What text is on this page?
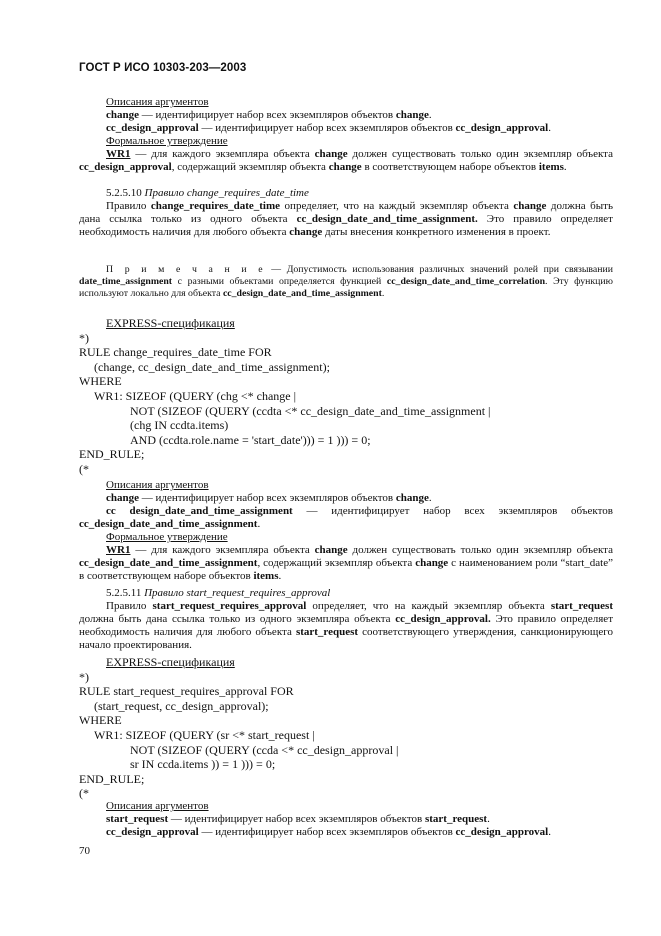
ГОСТ Р ИСО 10303-203—2003

Описания аргументов

change — идентифицирует набор всех экземпляров объектов change.

cc_design_approval — идентифицирует набор всех экземпляров объектов cc_design_approval.

Формальное утверждение

WR1 — для каждого экземпляра объекта change должен существовать только один экземпляр объекта cc_design_approval, содержащий экземпляр объекта change в соответствующем наборе объектов items.

5.2.5.10 Правило change_requires_date_time

Правило change_requires_date_time определяет, что на каждый экземпляр объекта change должна быть дана ссылка только из одного объекта cc_design_date_and_time_assignment. Это правило определяет необходимость наличия для любого объекта change даты внесения конкретного изменения в проект.

П р и м е ч а н и е — Допустимость использования различных значений ролей при связывании date_time_assignment с разными объектами определяется функцией cc_design_date_and_time_correlation. Эту функцию используют локально для объекта cc_design_date_and_time_assignment.

EXPRESS-спецификация

*)
RULE change_requires_date_time FOR
(change, cc_design_date_and_time_assignment);
WHERE
WR1: SIZEOF (QUERY (chg <* change |
NOT (SIZEOF (QUERY (ccdta <* cc_design_date_and_time_assignment |
(chg IN ccdta.items)
AND (ccdta.role.name = 'start_date'))) = 1 ))) = 0;
END_RULE;
(*

Описания аргументов

change — идентифицирует набор всех экземпляров объектов change.

cc design_date_and_time_assignment — идентифицирует набор всех экземпляров объектов cc_design_date_and_time_assignment.

Формальное утверждение

WR1 — для каждого экземпляра объекта change должен существовать только один экземпляр объекта cc_design_date_and_time_assignment, содержащий экземпляр объекта change с наименованием роли “start_date” в соответствующем наборе объектов items.

5.2.5.11 Правило start_request_requires_approval

Правило start_request_requires_approval определяет, что на каждый экземпляр объекта start_request должна быть дана ссылка только из одного экземпляра объекта cc_design_approval. Это правило определяет необходимость наличия для любого объекта start_request соответствующего утверждения, санкционирующего начало проектирования.

EXPRESS-спецификация

*)
RULE start_request_requires_approval FOR
(start_request, cc_design_approval);
WHERE
WR1: SIZEOF (QUERY (sr <* start_request |
NOT (SIZEOF (QUERY (ccda <* cc_design_approval |
sr IN ccda.items )) = 1 ))) = 0;
END_RULE;
(*

Описания аргументов

start_request — идентифицирует набор всех экземпляров объектов start_request.

cc_design_approval — идентифицирует набор всех экземпляров объектов cc_design_approval.

70
